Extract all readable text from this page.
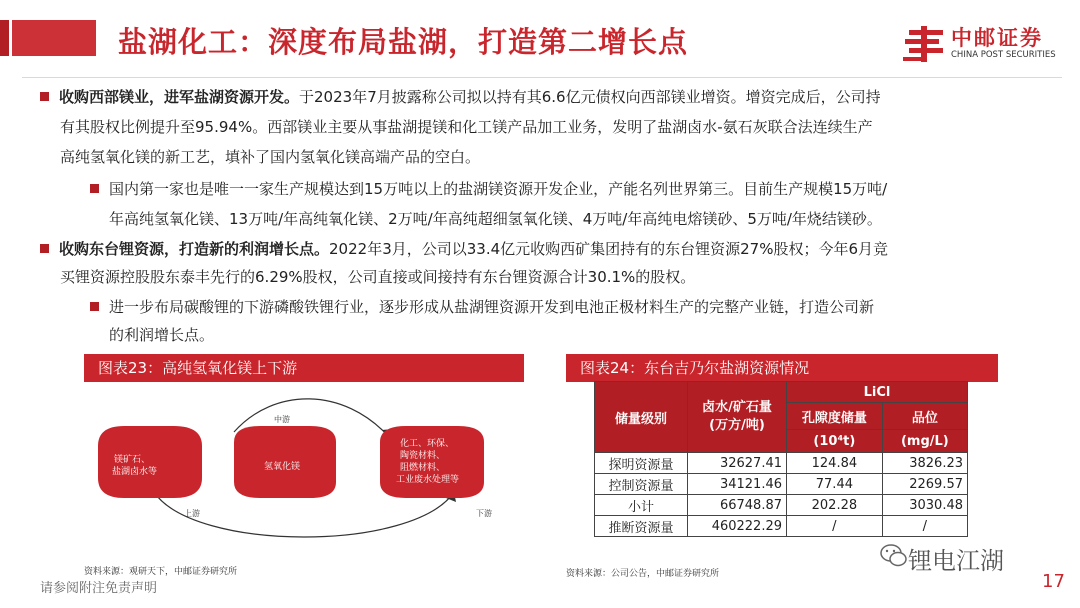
盐湖化工：深度布局盐湖，打造第二增长点	中邮证券
CHINA POST SECURITIES
收购西部镁业，进军盐湖资源开发。于2023年7月披露称公司拟以持有其6.6亿元债权向西部镁业增资。增资完成后，公司持
有其股权比例提升至95.94%。西部镁业主要从事盐湖提镁和化工镁产品加工业务，发明了盐湖卤水-氨石灰联合法连续生产
高纯氢氧化镁的新工艺，填补了国内氢氧化镁高端产品的空白。
国内第一家也是唯一一家生产规模达到15万吨以上的盐湖镁资源开发企业，产能名列世界第三。目前生产规模15万吨/
年高纯氢氧化镁、13万吨/年高纯氧化镁、2万吨/年高纯超细氢氧化镁、4万吨/年高纯电熔镁砂、5万吨/年烧结镁砂。
收购东台锂资源，打造新的利润增长点。2022年3月，公司以33.4亿元收购西矿集团持有的东台锂资源27%股权；今年6月竞
买锂资源控股股东泰丰先行的6.29%股权，公司直接或间接持有东台锂资源合计30.1%的股权。
进一步布局碳酸锂的下游磷酸铁锂行业，逐步形成从盐湖锂资源开发到电池正极材料生产的完整产业链，打造公司新
的利润增长点。
图表23：高纯氢氧化镁上下游
镁矿石、
盐湖卤水等	氢氧化镁
化工、环保、
陶瓷材料、
阻燃材料、
工业废水处理等
上游
中游
下游
资料来源：观研天下，中邮证券研究所
图表24：东台吉乃尔盐湖资源情况
储量级别	卤水/矿石量
(万方/吨)	LiCl	
		孔隙度储量	品位
		(10⁴t)	(mg/L)
探明资源量	32627.41	124.84	3826.23
控制资源量	34121.46	77.44	2269.57
小计	66748.87	202.28	3030.48
推断资源量	460222.29	/	/
资料来源：公司公告，中邮证券研究所
请参阅附注免责声明
锂电江湖
17
